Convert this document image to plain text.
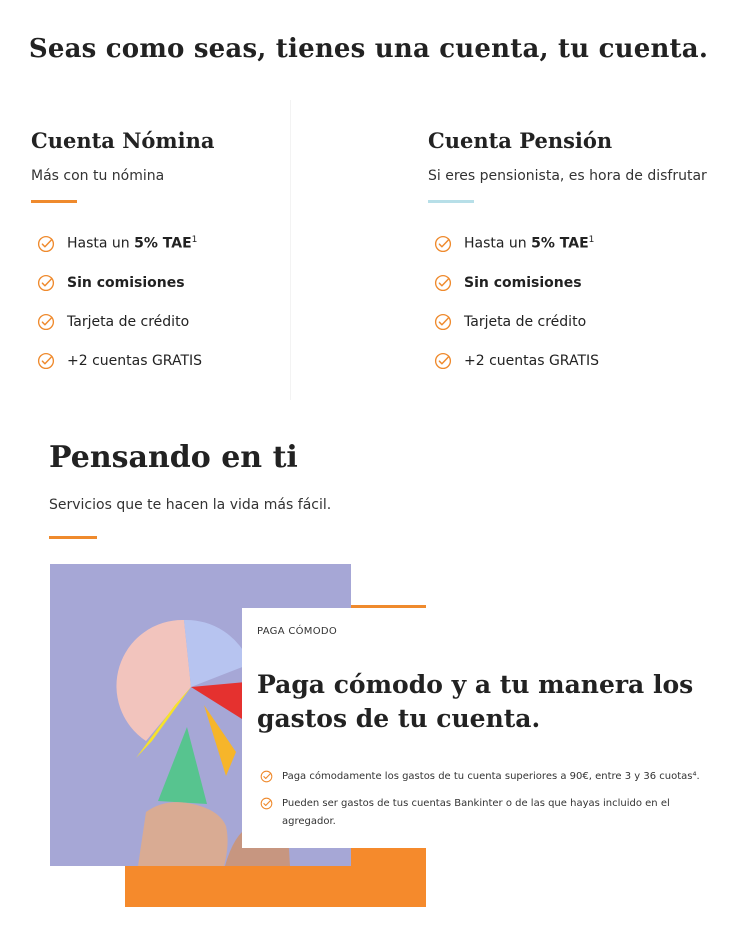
Seas como seas, tienes una cuenta, tu cuenta.
Cuenta Nómina

Más con tu nómina

Hasta un 5% TAE$^1$
Sin comisiones
Tarjeta de crédito
+2 cuentas GRATIS
Cuenta Pensión

Si eres pensionista, es hora de disfrutar

Hasta un 5% TAE$^1$
Sin comisiones
Tarjeta de crédito
+2 cuentas GRATIS
Pensando en ti

Servicios que te hacen la vida más fácil.

PAGA CÓMODO
Paga cómodo y a tu manera los
gastos de tu cuenta.
Paga cómodamente los gastos de tu cuenta superiores a 90€, entre 3 y 36 cuotas⁴.
Pueden ser gastos de tus cuentas Bankinter o de las que hayas incluido en el agregador.
